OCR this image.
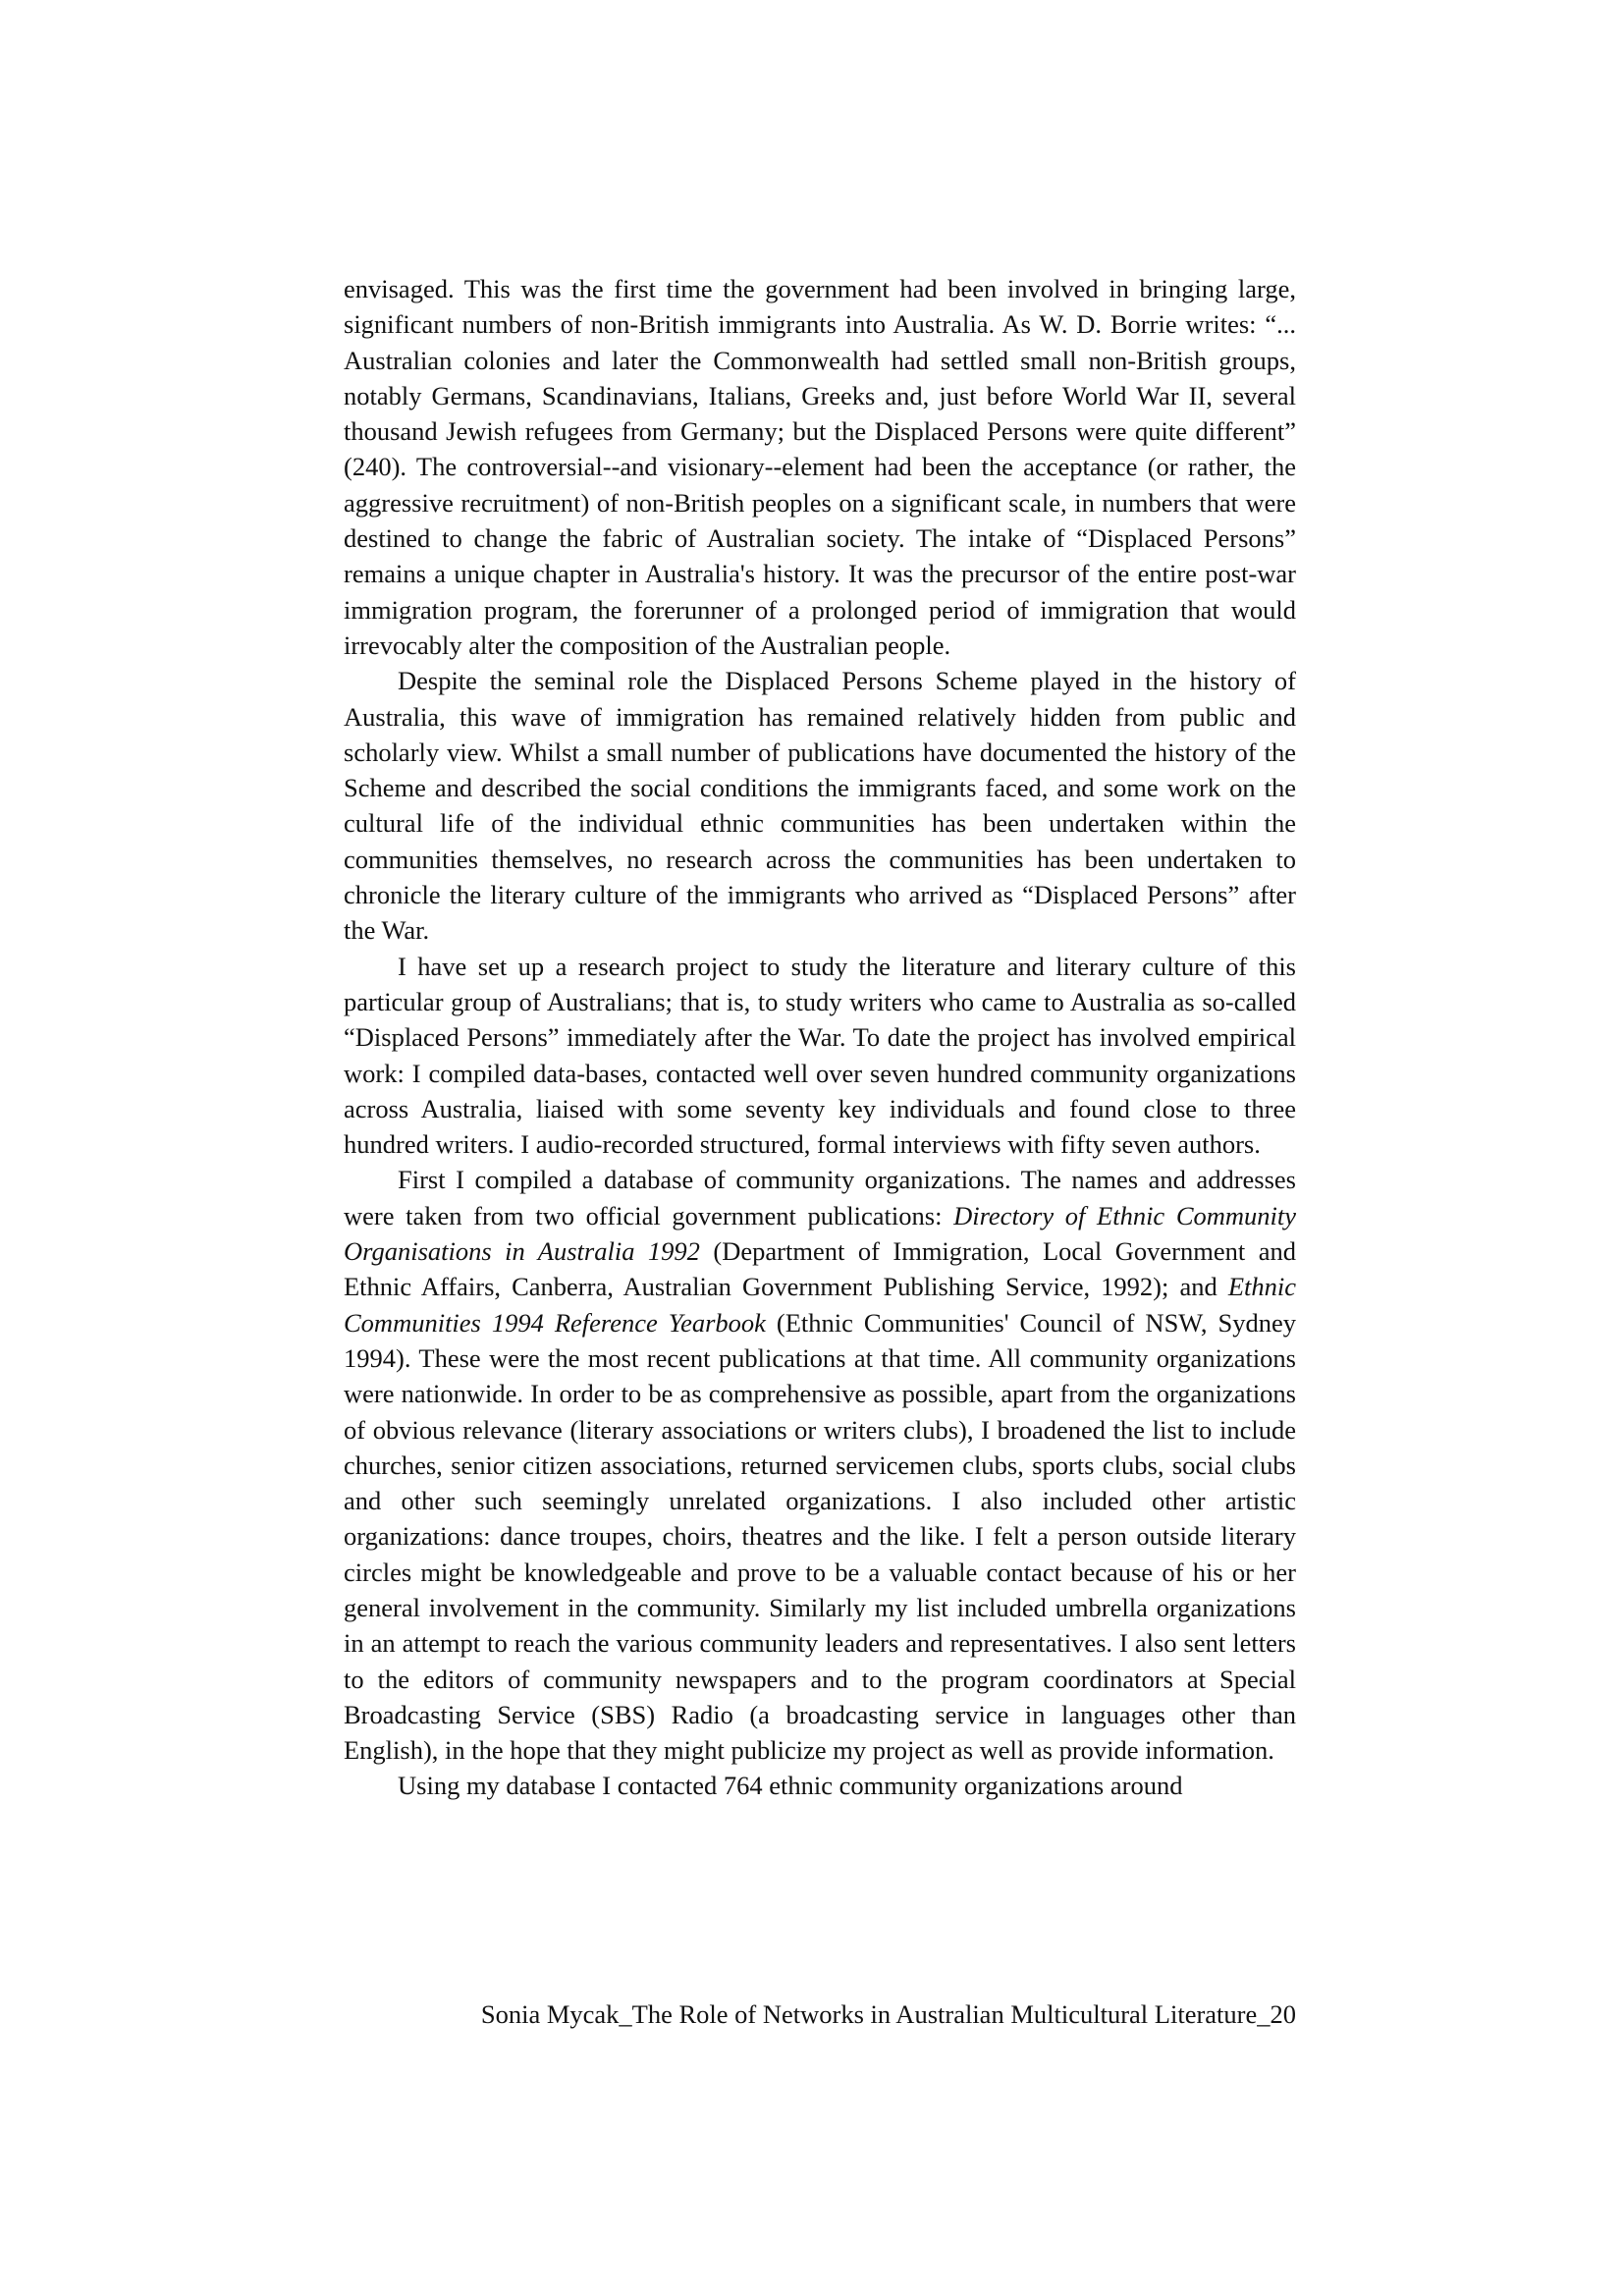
envisaged. This was the first time the government had been involved in bringing large, significant numbers of non-British immigrants into Australia. As W. D. Borrie writes: “... Australian colonies and later the Commonwealth had settled small non-British groups, notably Germans, Scandinavians, Italians, Greeks and, just before World War II, several thousand Jewish refugees from Germany; but the Displaced Persons were quite different” (240). The controversial--and visionary--element had been the acceptance (or rather, the aggressive recruitment) of non-British peoples on a significant scale, in numbers that were destined to change the fabric of Australian society. The intake of “Displaced Persons” remains a unique chapter in Australia's history. It was the precursor of the entire post-war immigration program, the forerunner of a prolonged period of immigration that would irrevocably alter the composition of the Australian people.

Despite the seminal role the Displaced Persons Scheme played in the history of Australia, this wave of immigration has remained relatively hidden from public and scholarly view. Whilst a small number of publications have documented the history of the Scheme and described the social conditions the immigrants faced, and some work on the cultural life of the individual ethnic communities has been undertaken within the communities themselves, no research across the communities has been undertaken to chronicle the literary culture of the immigrants who arrived as “Displaced Persons” after the War.

I have set up a research project to study the literature and literary culture of this particular group of Australians; that is, to study writers who came to Australia as so-called “Displaced Persons” immediately after the War. To date the project has involved empirical work: I compiled data-bases, contacted well over seven hundred community organizations across Australia, liaised with some seventy key individuals and found close to three hundred writers. I audio-recorded structured, formal interviews with fifty seven authors.

First I compiled a database of community organizations. The names and addresses were taken from two official government publications: Directory of Ethnic Community Organisations in Australia 1992 (Department of Immigration, Local Government and Ethnic Affairs, Canberra, Australian Government Publishing Service, 1992); and Ethnic Communities 1994 Reference Yearbook (Ethnic Communities' Council of NSW, Sydney 1994). These were the most recent publications at that time. All community organizations were nationwide. In order to be as comprehensive as possible, apart from the organizations of obvious relevance (literary associations or writers clubs), I broadened the list to include churches, senior citizen associations, returned servicemen clubs, sports clubs, social clubs and other such seemingly unrelated organizations. I also included other artistic organizations: dance troupes, choirs, theatres and the like. I felt a person outside literary circles might be knowledgeable and prove to be a valuable contact because of his or her general involvement in the community. Similarly my list included umbrella organizations in an attempt to reach the various community leaders and representatives. I also sent letters to the editors of community newspapers and to the program coordinators at Special Broadcasting Service (SBS) Radio (a broadcasting service in languages other than English), in the hope that they might publicize my project as well as provide information.

Using my database I contacted 764 ethnic community organizations around

Sonia Mycak_The Role of Networks in Australian Multicultural Literature_20
